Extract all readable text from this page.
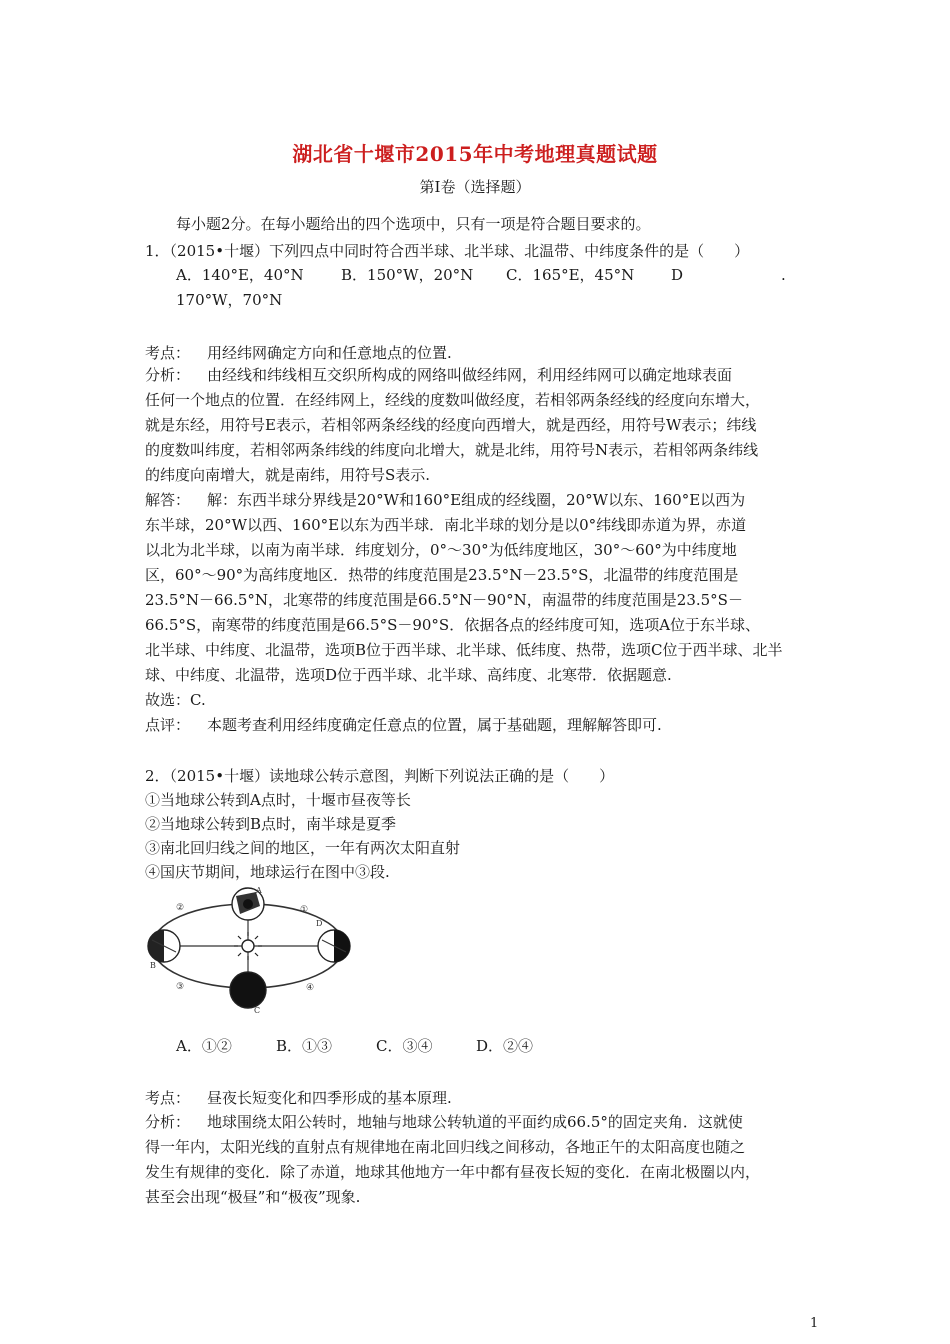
湖北省十堰市2015年中考地理真题试题
第Ⅰ卷（选择题）
每小题2分。在每小题给出的四个选项中，只有一项是符合题目要求的。
1．（2015•十堰）下列四点中同时符合西半球、北半球、北温带、中纬度条件的是（　　）
A．140°E，40°N B．150°W，20°N C．165°E，45°N D	.
170°W，70°N
考点： 用经纬网确定方向和任意地点的位置.
分析： 由经线和纬线相互交织所构成的网络叫做经纬网，利用经纬网可以确定地球表面
任何一个地点的位置．在经纬网上，经线的度数叫做经度，若相邻两条经线的经度向东增大，
就是东经，用符号E表示，若相邻两条经线的经度向西增大，就是西经，用符号W表示；纬线
的度数叫纬度，若相邻两条纬线的纬度向北增大，就是北纬，用符号N表示，若相邻两条纬线
的纬度向南增大，就是南纬，用符号S表示.
解答： 解：东西半球分界线是20°W和160°E组成的经线圈，20°W以东、160°E以西为
东半球，20°W以西、160°E以东为西半球．南北半球的划分是以0°纬线即赤道为界，赤道
以北为北半球，以南为南半球．纬度划分，0°～30°为低纬度地区，30°～60°为中纬度地
区，60°～90°为高纬度地区．热带的纬度范围是23.5°N－23.5°S，北温带的纬度范围是
23.5°N－66.5°N，北寒带的纬度范围是66.5°N－90°N，南温带的纬度范围是23.5°S－
66.5°S，南寒带的纬度范围是66.5°S－90°S．依据各点的经纬度可知，选项A位于东半球、
北半球、中纬度、北温带，选项B位于西半球、北半球、低纬度、热带，选项C位于西半球、北半
球、中纬度、北温带，选项D位于西半球、北半球、高纬度、北寒带．依据题意.
故选：C.
点评： 本题考查利用经纬度确定任意点的位置，属于基础题，理解解答即可.
2．（2015•十堰）读地球公转示意图，判断下列说法正确的是（　　）
①当地球公转到A点时，十堰市昼夜等长
②当地球公转到B点时，南半球是夏季
③南北回归线之间的地区，一年有两次太阳直射
④国庆节期间，地球运行在图中③段.
A
B
C
D
①
②
③	④
A．①②	B．①③	C．③④	D．②④
考点： 昼夜长短变化和四季形成的基本原理.
分析： 地球围绕太阳公转时，地轴与地球公转轨道的平面约成66.5°的固定夹角．这就使
得一年内，太阳光线的直射点有规律地在南北回归线之间移动，各地正午的太阳高度也随之
发生有规律的变化．除了赤道，地球其他地方一年中都有昼夜长短的变化．在南北极圈以内，
甚至会出现“极昼”和“极夜”现象.
1
